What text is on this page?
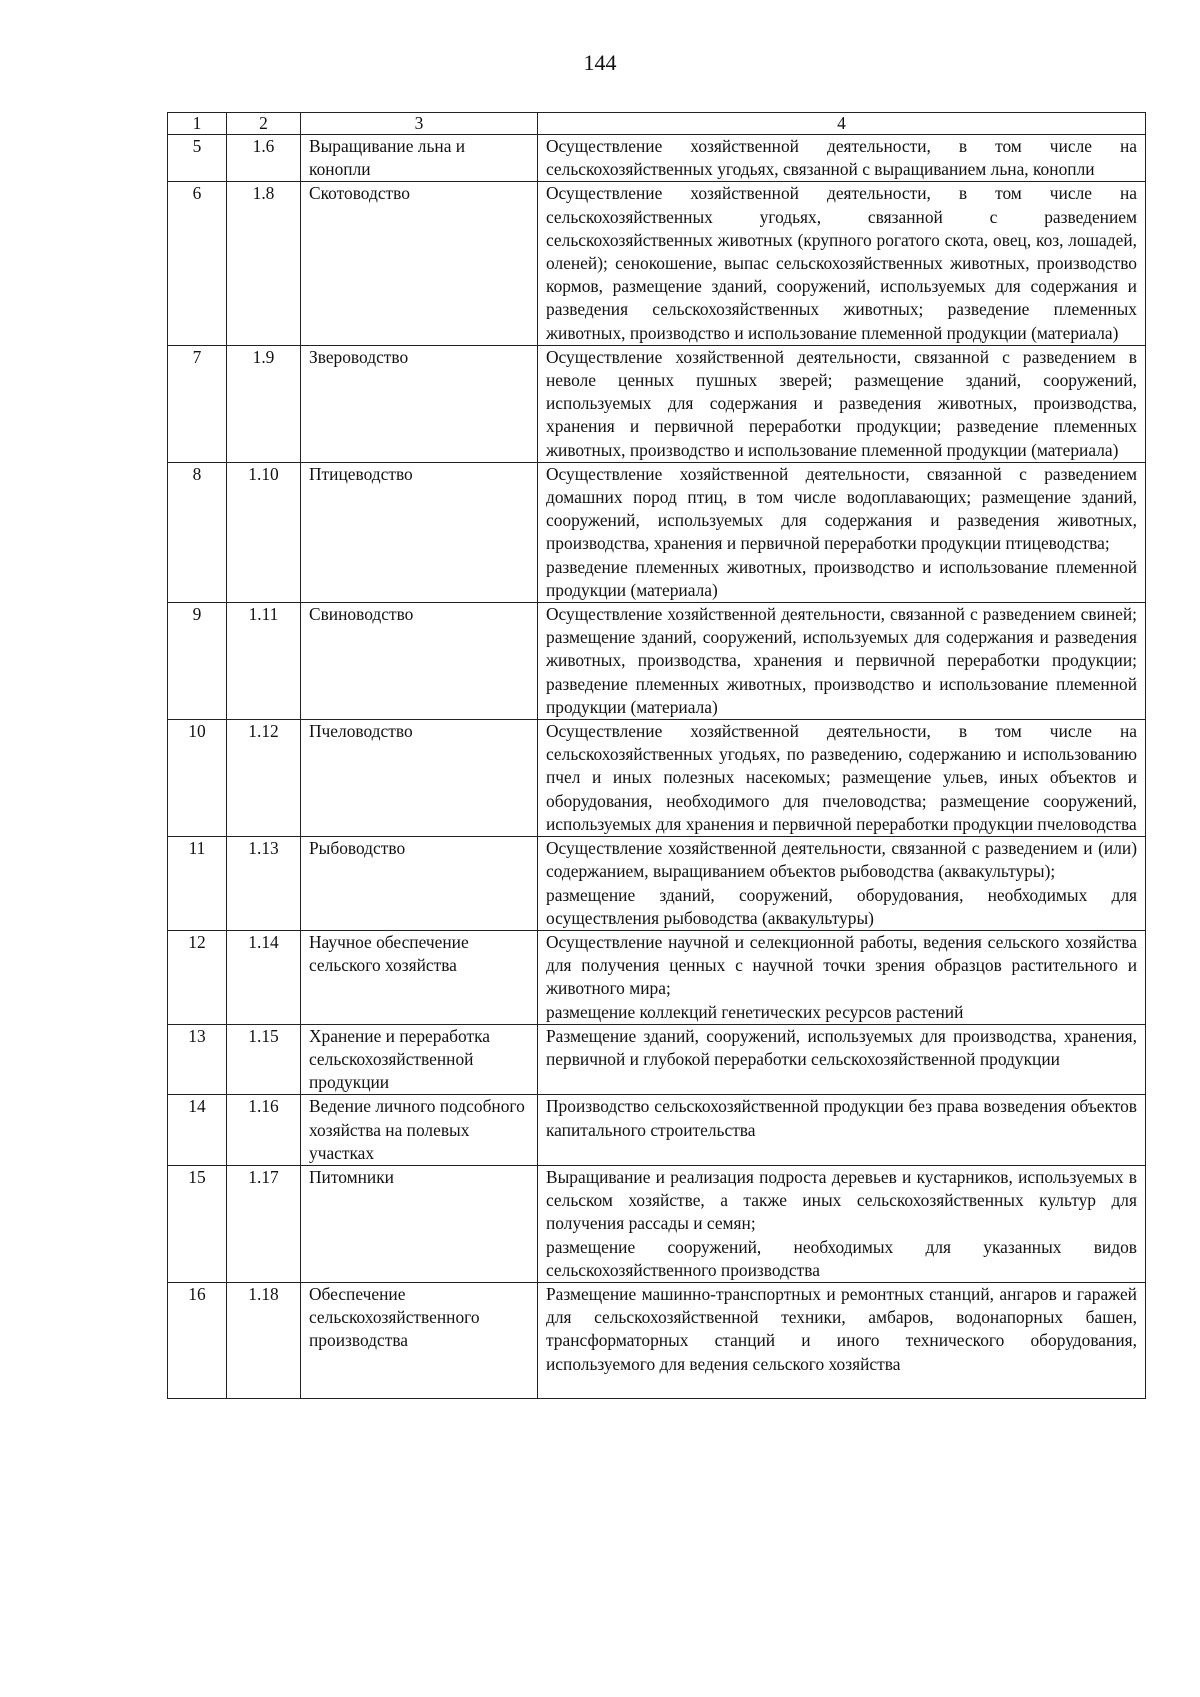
144
1	2	3	4
5	1.6	Выращивание льна и конопли	Осуществление хозяйственной деятельности, в том числе на сельскохозяйственных угодьях, связанной с выращиванием льна, конопли
6	1.8	Скотоводство	Осуществление хозяйственной деятельности, в том числе на сельскохозяйственных угодьях, связанной с разведением сельскохозяйственных животных (крупного рогатого скота, овец, коз, лошадей, оленей); сенокошение, выпас сельскохозяйственных животных, производство кормов, размещение зданий, сооружений, используемых для содержания и разведения сельскохозяйственных животных; разведение племенных животных, производство и использование племенной продукции (материала)
7	1.9	Звероводство	Осуществление хозяйственной деятельности, связанной с разведением в неволе ценных пушных зверей; размещение зданий, сооружений, используемых для содержания и разведения животных, производства, хранения и первичной переработки продукции; разведение племенных животных, производство и использование племенной продукции (материала)
8	1.10	Птицеводство	Осуществление хозяйственной деятельности, связанной с разведением домашних пород птиц, в том числе водоплавающих; размещение зданий, сооружений, используемых для содержания и разведения животных, производства, хранения и первичной переработки продукции птицеводства;
разведение племенных животных, производство и использование племенной продукции (материала)
9	1.11	Свиноводство	Осуществление хозяйственной деятельности, связанной с разведением свиней; размещение зданий, сооружений, используемых для содержания и разведения животных, производства, хранения и первичной переработки продукции; разведение племенных животных, производство и использование племенной продукции (материала)
10	1.12	Пчеловодство	Осуществление хозяйственной деятельности, в том числе на сельскохозяйственных угодьях, по разведению, содержанию и использованию пчел и иных полезных насекомых; размещение ульев, иных объектов и оборудования, необходимого для пчеловодства; размещение сооружений, используемых для хранения и первичной переработки продукции пчеловодства
11	1.13	Рыбоводство	Осуществление хозяйственной деятельности, связанной с разведением и (или) содержанием, выращиванием объектов рыбоводства (аквакультуры);
размещение зданий, сооружений, оборудования, необходимых для осуществления рыбоводства (аквакультуры)
12	1.14	Научное обеспечение сельского хозяйства	Осуществление научной и селекционной работы, ведения сельского хозяйства для получения ценных с научной точки зрения образцов растительного и животного мира;
размещение коллекций генетических ресурсов растений
13	1.15	Хранение и переработка сельскохозяйственной продукции	Размещение зданий, сооружений, используемых для производства, хранения, первичной и глубокой переработки сельскохозяйственной продукции
14	1.16	Ведение личного подсобного хозяйства на полевых участках	Производство сельскохозяйственной продукции без права возведения объектов капитального строительства
15	1.17	Питомники	Выращивание и реализация подроста деревьев и кустарников, используемых в сельском хозяйстве, а также иных сельскохозяйственных культур для получения рассады и семян;
размещение сооружений, необходимых для указанных видов сельскохозяйственного производства
16	1.18	Обеспечение сельскохозяйственного производства	Размещение машинно-транспортных и ремонтных станций, ангаров и гаражей для сельскохозяйственной техники, амбаров, водонапорных башен, трансформаторных станций и иного технического оборудования, используемого для ведения сельского хозяйства
